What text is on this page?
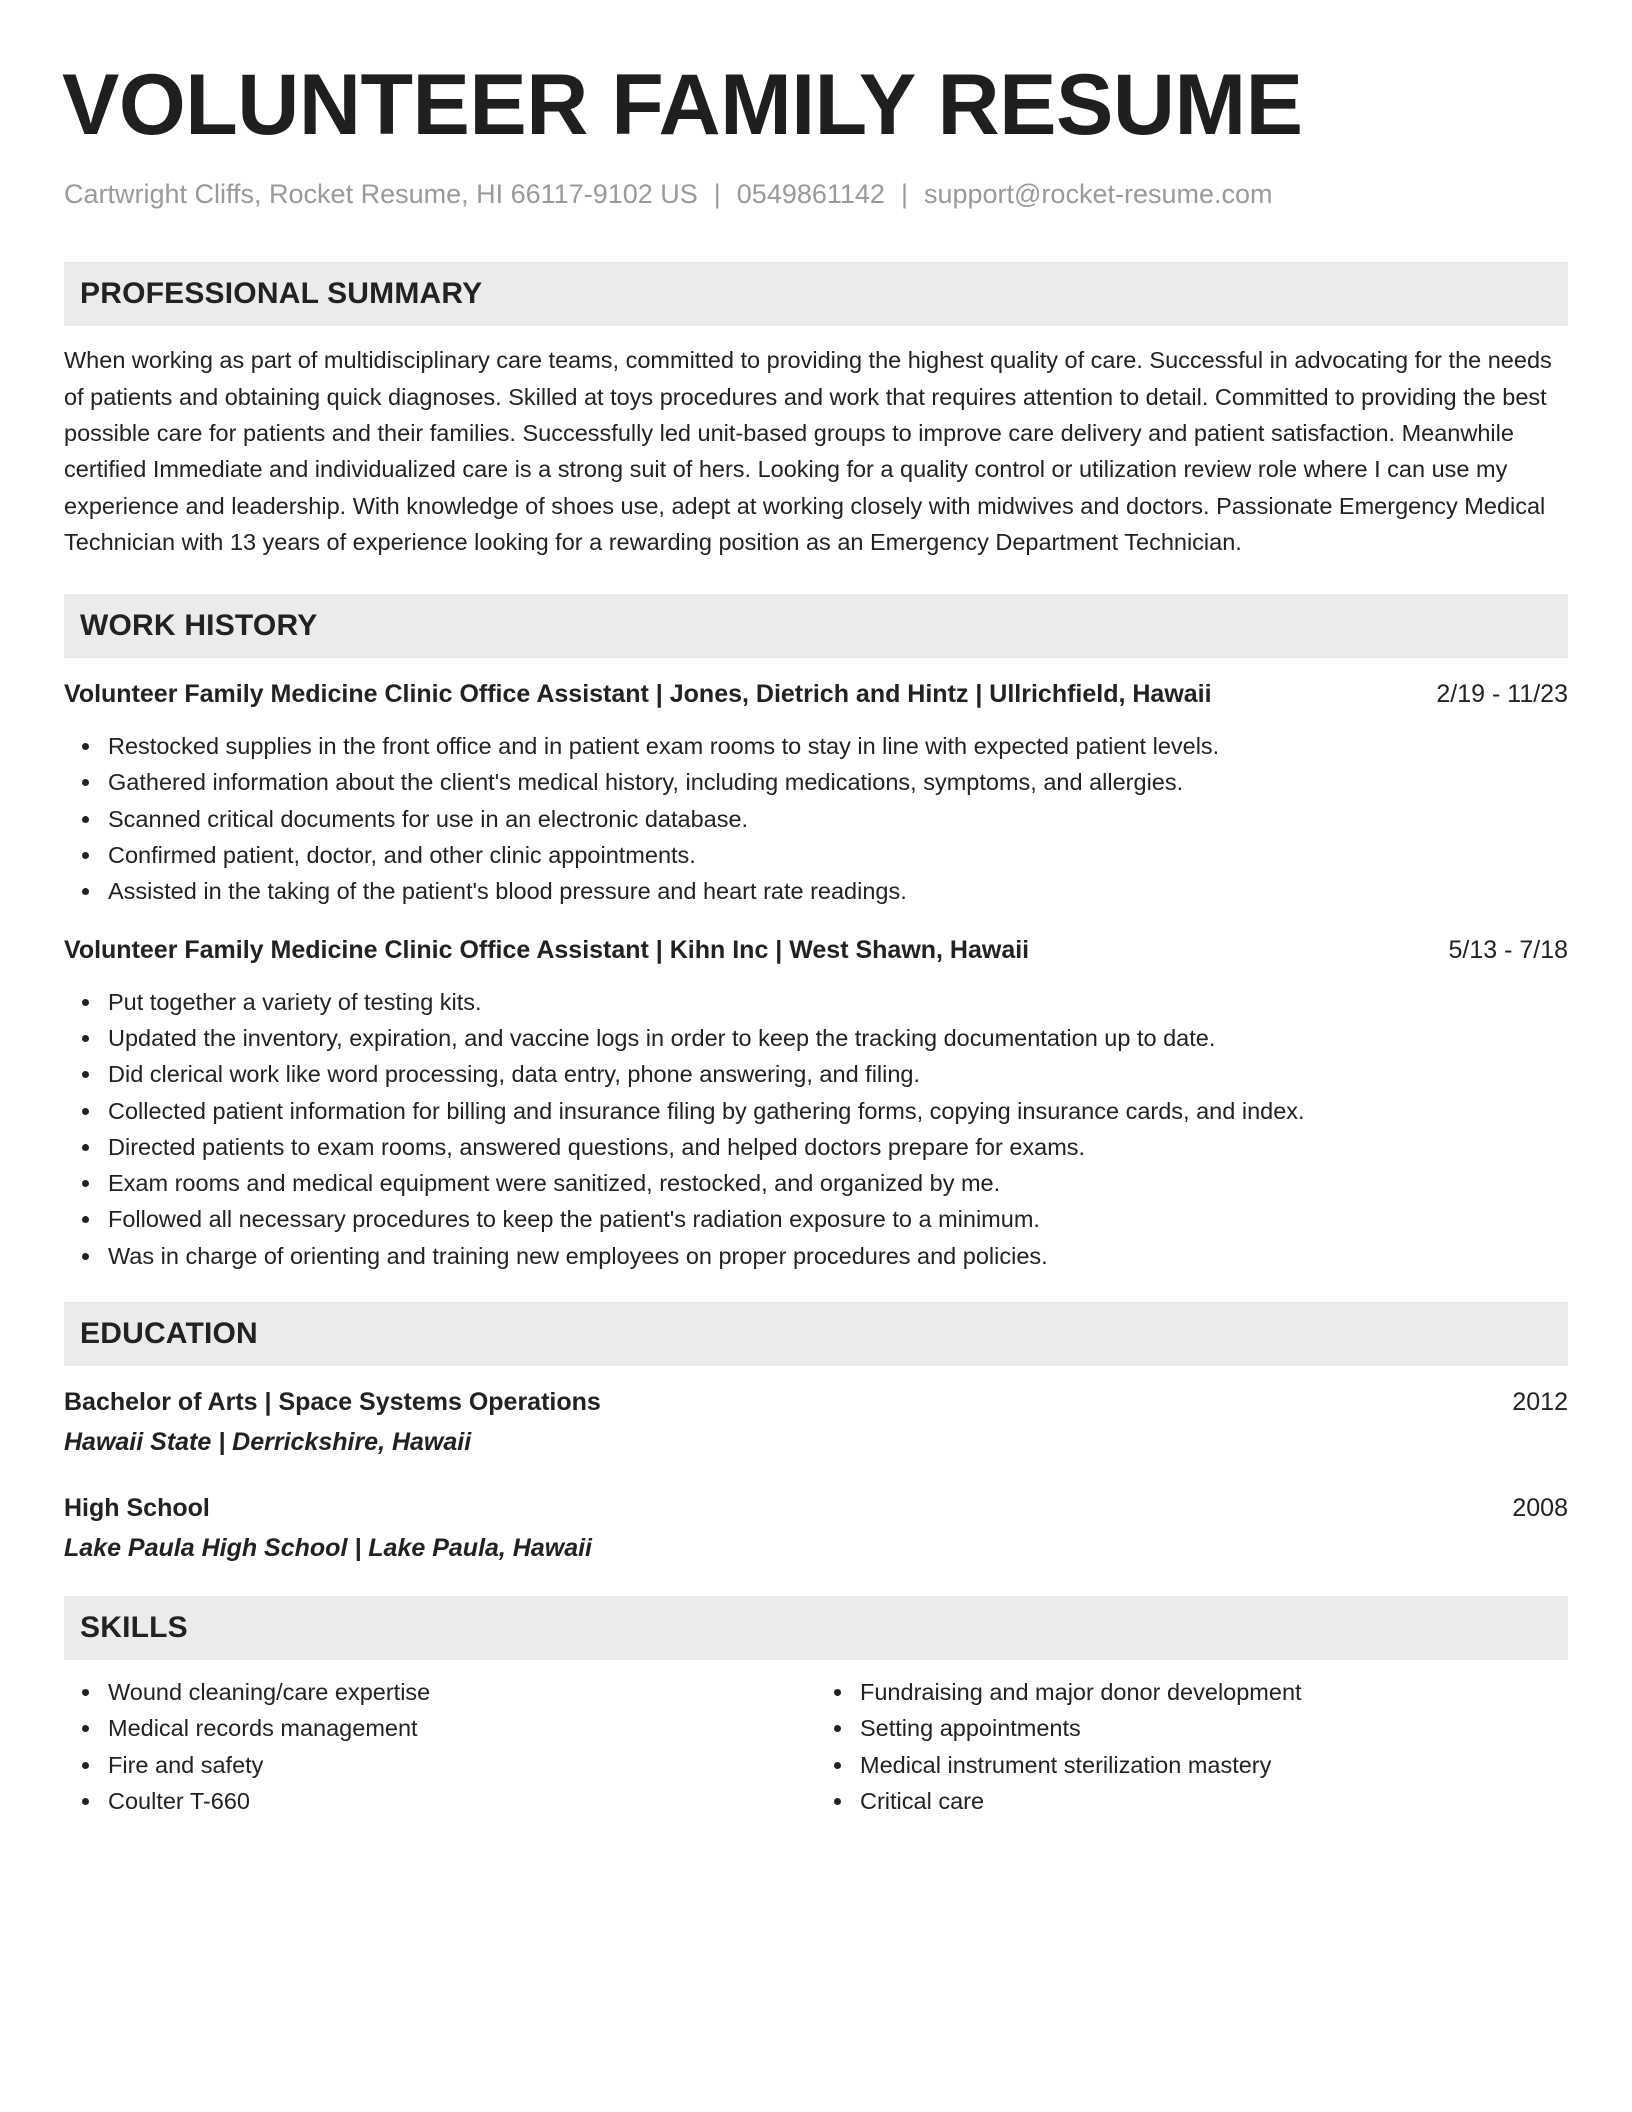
VOLUNTEER FAMILY RESUME
Cartwright Cliffs, Rocket Resume, HI 66117-9102 US | 0549861142 | support@rocket-resume.com
PROFESSIONAL SUMMARY
When working as part of multidisciplinary care teams, committed to providing the highest quality of care. Successful in advocating for the needs of patients and obtaining quick diagnoses. Skilled at toys procedures and work that requires attention to detail. Committed to providing the best possible care for patients and their families. Successfully led unit-based groups to improve care delivery and patient satisfaction. Meanwhile certified Immediate and individualized care is a strong suit of hers. Looking for a quality control or utilization review role where I can use my experience and leadership. With knowledge of shoes use, adept at working closely with midwives and doctors. Passionate Emergency Medical Technician with 13 years of experience looking for a rewarding position as an Emergency Department Technician.
WORK HISTORY
Volunteer Family Medicine Clinic Office Assistant | Jones, Dietrich and Hintz | Ullrichfield, Hawaii	2/19 - 11/23
Restocked supplies in the front office and in patient exam rooms to stay in line with expected patient levels.
Gathered information about the client's medical history, including medications, symptoms, and allergies.
Scanned critical documents for use in an electronic database.
Confirmed patient, doctor, and other clinic appointments.
Assisted in the taking of the patient's blood pressure and heart rate readings.
Volunteer Family Medicine Clinic Office Assistant | Kihn Inc | West Shawn, Hawaii	5/13 - 7/18
Put together a variety of testing kits.
Updated the inventory, expiration, and vaccine logs in order to keep the tracking documentation up to date.
Did clerical work like word processing, data entry, phone answering, and filing.
Collected patient information for billing and insurance filing by gathering forms, copying insurance cards, and index.
Directed patients to exam rooms, answered questions, and helped doctors prepare for exams.
Exam rooms and medical equipment were sanitized, restocked, and organized by me.
Followed all necessary procedures to keep the patient's radiation exposure to a minimum.
Was in charge of orienting and training new employees on proper procedures and policies.
EDUCATION
Bachelor of Arts | Space Systems Operations	2012
Hawaii State | Derrickshire, Hawaii
High School	2008
Lake Paula High School | Lake Paula, Hawaii
SKILLS
Wound cleaning/care expertise
Medical records management
Fire and safety
Coulter T-660
Fundraising and major donor development
Setting appointments
Medical instrument sterilization mastery
Critical care
